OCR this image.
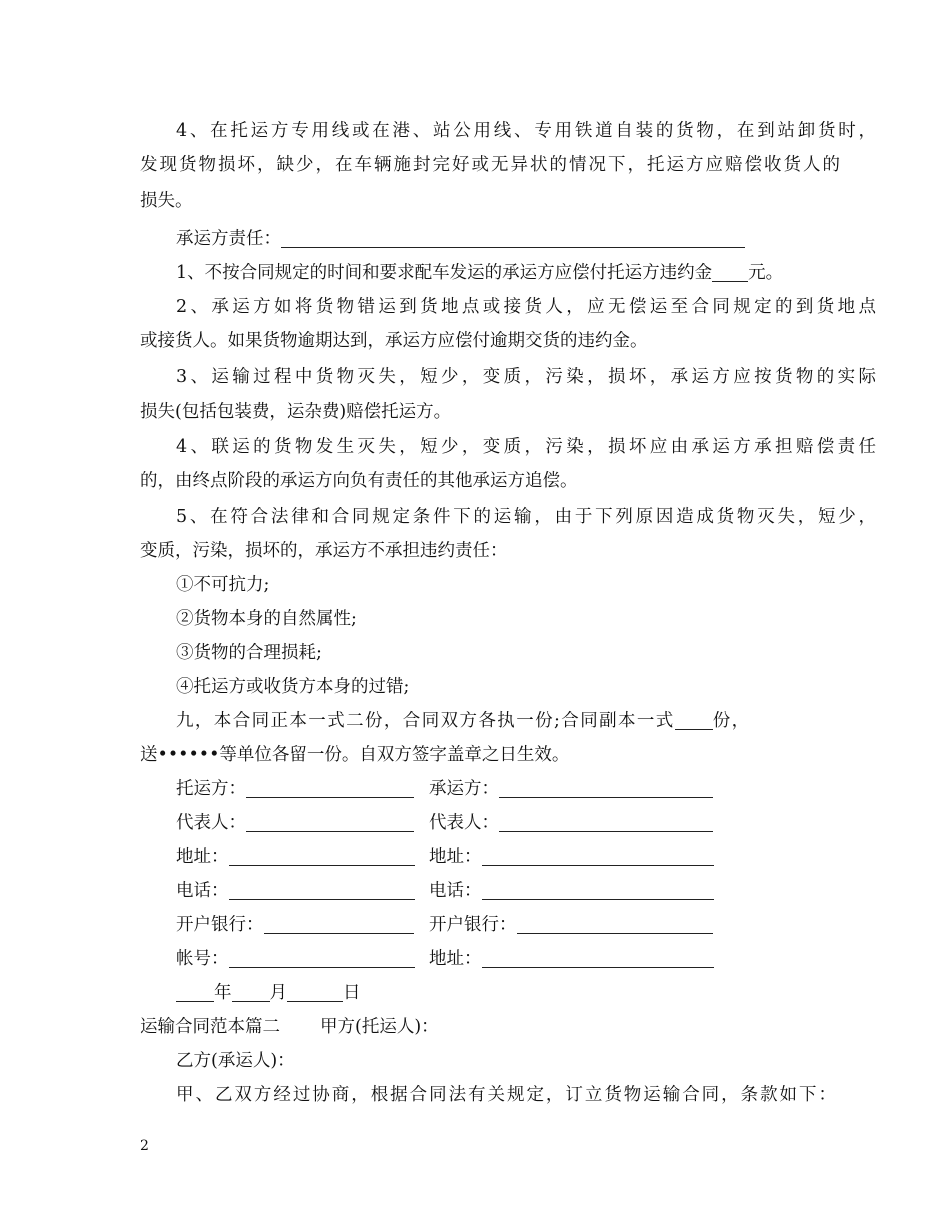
4、在托运方专用线或在港、站公用线、专用铁道自装的货物，在到站卸货时，
发现货物损坏，缺少，在车辆施封完好或无异状的情况下，托运方应赔偿收货人的
损失。
承运方责任：
1、不按合同规定的时间和要求配车发运的承运方应偿付托运方违约金 元。
2、承运方如将货物错运到货地点或接货人，应无偿运至合同规定的到货地点
或接货人。如果货物逾期达到，承运方应偿付逾期交货的违约金。
3、运输过程中货物灭失，短少，变质，污染，损坏，承运方应按货物的实际
损失(包括包装费，运杂费)赔偿托运方。
4、联运的货物发生灭失，短少，变质，污染，损坏应由承运方承担赔偿责任
的，由终点阶段的承运方向负有责任的其他承运方追偿。
5、在符合法律和合同规定条件下的运输，由于下列原因造成货物灭失，短少，
变质，污染，损坏的，承运方不承担违约责任：
①不可抗力;
②货物本身的自然属性;
③货物的合理损耗;
④托运方或收货方本身的过错;
九，本合同正本一式二份，合同双方各执一份;合同副本一式 份，
送••••••等单位各留一份。自双方签字盖章之日生效。
托运方：	承运方：
代表人：	代表人：
地址：	地址：
电话：	电话：
开户银行：	开户银行：
帐号：	地址：
年 月	日
运输合同范本篇二 甲方(托运人)：
乙方(承运人)：
甲、乙双方经过协商，根据合同法有关规定，订立货物运输合同，条款如下：
2
